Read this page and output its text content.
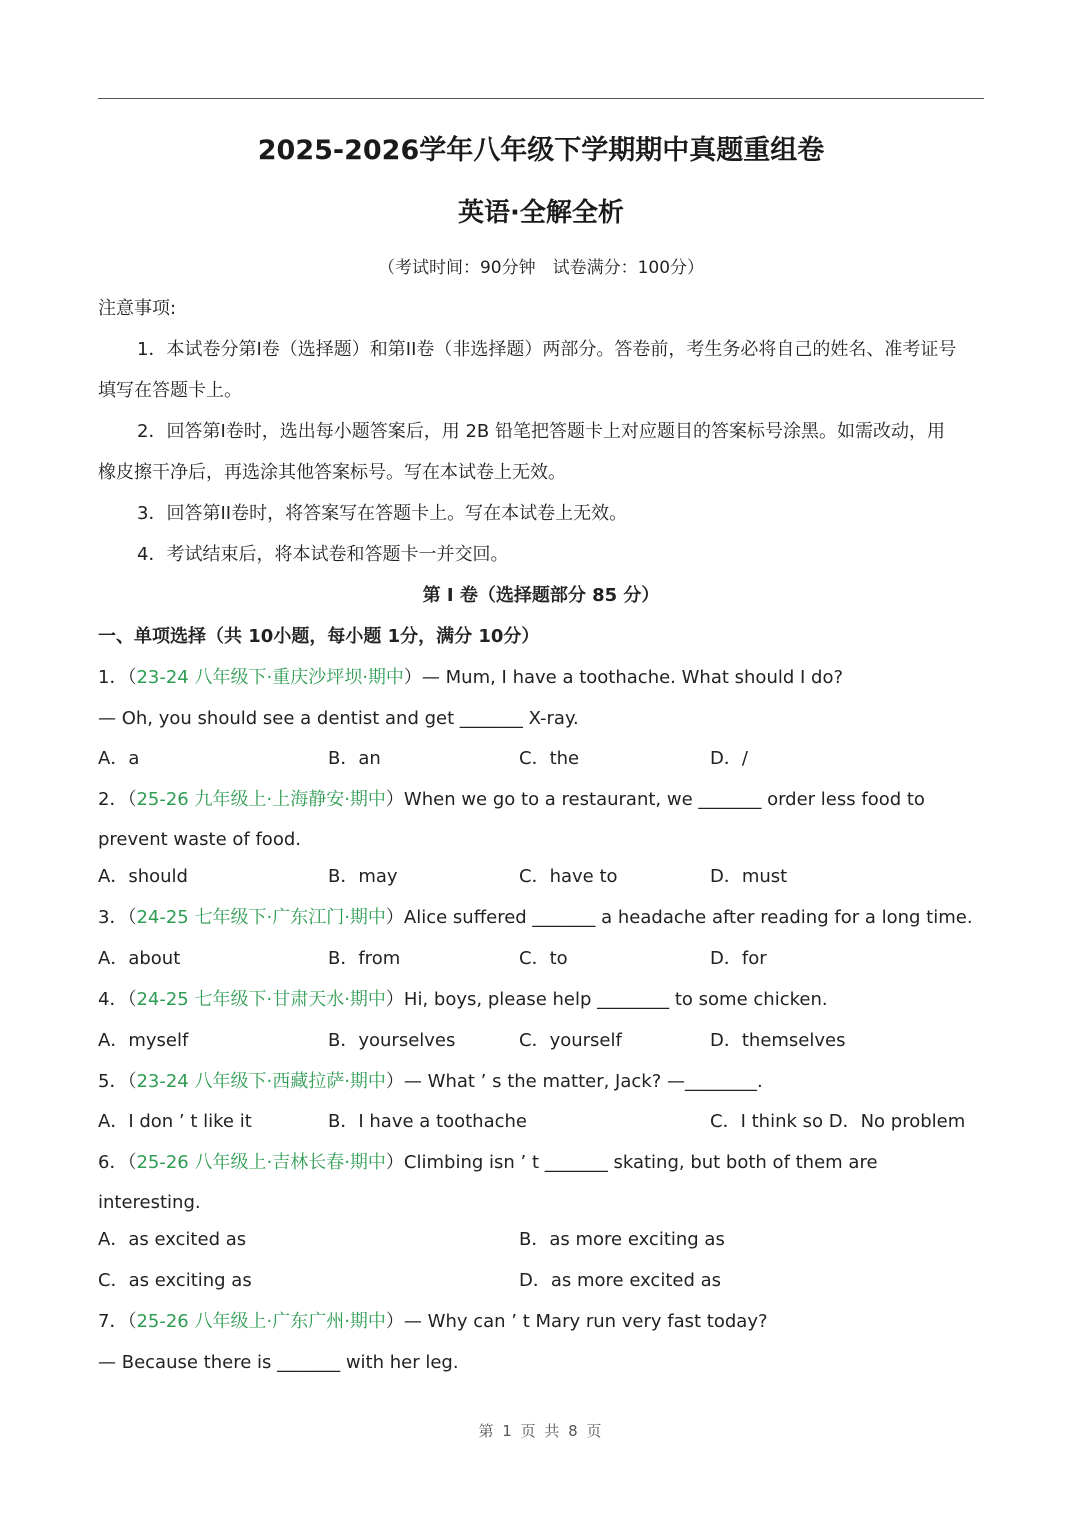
2025-2026学年八年级下学期期中真题重组卷
英语·全解全析
（考试时间：90分钟　试卷满分：100分）
注意事项:
1．本试卷分第I卷（选择题）和第II卷（非选择题）两部分。答卷前，考生务必将自己的姓名、准考证号
填写在答题卡上。
2．回答第I卷时，选出每小题答案后，用 2B 铅笔把答题卡上对应题目的答案标号涂黑。如需改动，用
橡皮擦干净后，再选涂其他答案标号。写在本试卷上无效。
3．回答第II卷时，将答案写在答题卡上。写在本试卷上无效。
4．考试结束后，将本试卷和答题卡一并交回。
第 I 卷（选择题部分 85 分）
一、单项选择（共 10小题，每小题 1分，满分 10分）
1．（23-24 八年级下·重庆沙坪坝·期中）— Mum, I have a toothache. What should I do?
— Oh, you should see a dentist and get _______ X-ray.
A．a	B．an	C．the	D．/
2．（25-26 九年级上·上海静安·期中）When we go to a restaurant, we _______ order less food to
prevent waste of food.
A．should	B．may	C．have to	D．must
3．（24-25 七年级下·广东江门·期中）Alice suffered _______ a headache after reading for a long time.
A．about	B．from	C．to	D．for
4．（24-25 七年级下·甘肃天水·期中）Hi, boys, please help ________ to some chicken.
A．myself	B．yourselves	C．yourself	D．themselves
5．（23-24 八年级下·西藏拉萨·期中）— What ’ s the matter, Jack? —________.
A．I don ’ t like it	B．I have a toothache	C．I think so D．No problem
6．（25-26 八年级上·吉林长春·期中）Climbing isn ’ t _______ skating, but both of them are
interesting.
A．as excited as	B．as more exciting as
C．as exciting as	D．as more excited as
7．（25-26 八年级上·广东广州·期中）— Why can ’ t Mary run very fast today?
— Because there is _______ with her leg.
第 1 页 共 8 页
